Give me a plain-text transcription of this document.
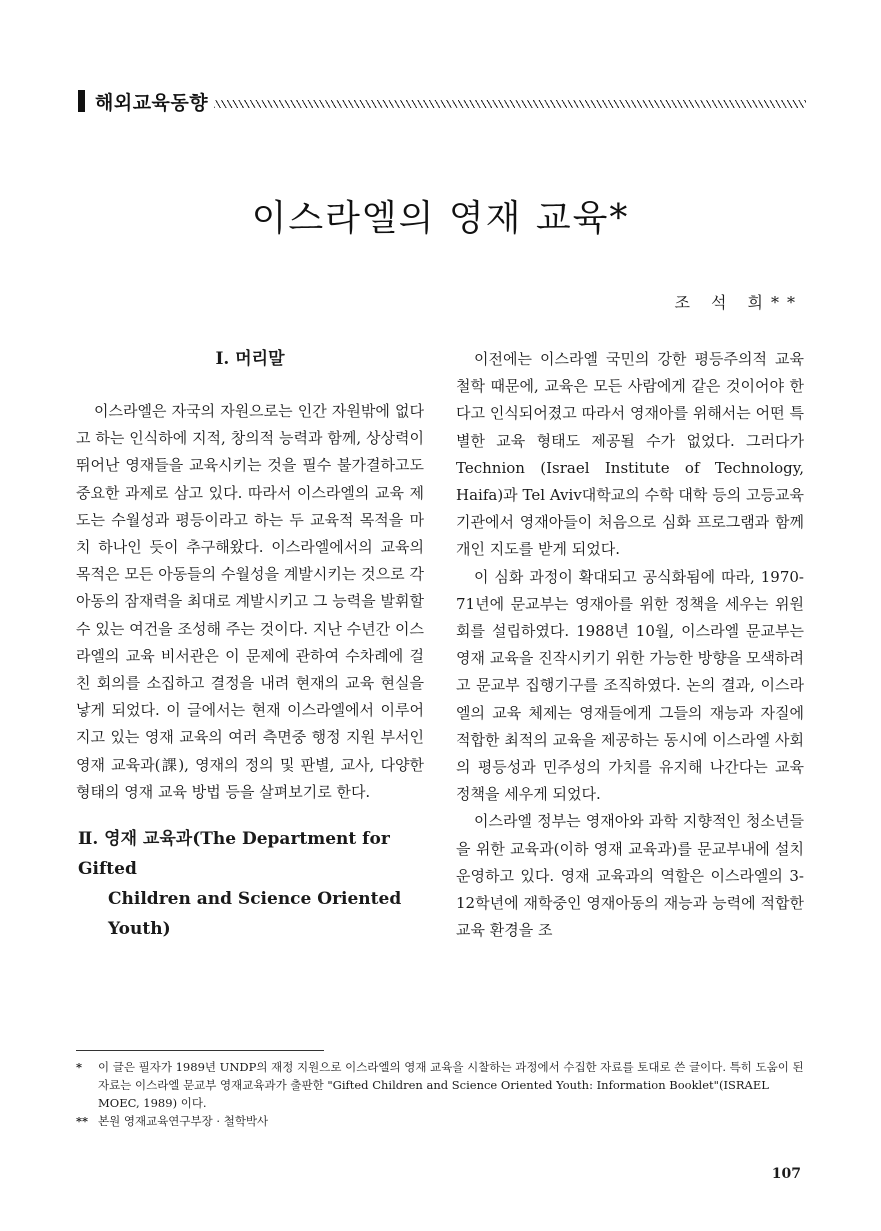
해외교육동향
이스라엘의 영재 교육*
조 석 희**
Ⅰ. 머리말

이스라엘은 자국의 자원으로는 인간 자원밖에 없다고 하는 인식하에 지적, 창의적 능력과 함께, 상상력이 뛰어난 영재들을 교육시키는 것을 필수 불가결하고도 중요한 과제로 삼고 있다. 따라서 이스라엘의 교육 제도는 수월성과 평등이라고 하는 두 교육적 목적을 마치 하나인 듯이 추구해왔다. 이스라엘에서의 교육의 목적은 모든 아동들의 수월성을 계발시키는 것으로 각 아동의 잠재력을 최대로 계발시키고 그 능력을 발휘할 수 있는 여건을 조성해 주는 것이다. 지난 수년간 이스라엘의 교육 비서관은 이 문제에 관하여 수차례에 걸친 회의를 소집하고 결정을 내려 현재의 교육 현실을 낳게 되었다. 이 글에서는 현재 이스라엘에서 이루어지고 있는 영재 교육의 여러 측면중 행정 지원 부서인 영재 교육과(課), 영재의 정의 및 판별, 교사, 다양한 형태의 영재 교육 방법 등을 살펴보기로 한다.

Ⅱ. 영재 교육과(The Department for Gifted
Children and Science Oriented Youth)

이전에는 이스라엘 국민의 강한 평등주의적 교육 철학 때문에, 교육은 모든 사람에게 같은 것이어야 한다고 인식되어졌고 따라서 영재아를 위해서는 어떤 특별한 교육 형태도 제공될 수가 없었다. 그러다가 Technion (Israel Institute of Technology, Haifa)과 Tel Aviv대학교의 수학 대학 등의 고등교육기관에서 영재아들이 처음으로 심화 프로그램과 함께 개인 지도를 받게 되었다.

이 심화 과정이 확대되고 공식화됨에 따라, 1970-71년에 문교부는 영재아를 위한 정책을 세우는 위원회를 설립하였다. 1988년 10월, 이스라엘 문교부는 영재 교육을 진작시키기 위한 가능한 방향을 모색하려고 문교부 집행기구를 조직하였다. 논의 결과, 이스라엘의 교육 체제는 영재들에게 그들의 재능과 자질에 적합한 최적의 교육을 제공하는 동시에 이스라엘 사회의 평등성과 민주성의 가치를 유지해 나간다는 교육 정책을 세우게 되었다.

이스라엘 정부는 영재아와 과학 지향적인 청소년들을 위한 교육과(이하 영재 교육과)를 문교부내에 설치 운영하고 있다. 영재 교육과의 역할은 이스라엘의 3-12학년에 재학중인 영재아동의 재능과 능력에 적합한 교육 환경을 조

* 이 글은 필자가 1989년 UNDP의 재정 지원으로 이스라엘의 영재 교육을 시찰하는 과정에서 수집한 자료를 토대로 쓴 글이다. 특히 도움이 된 자료는 이스라엘 문교부 영재교육과가 출판한 "Gifted Children and Science Oriented Youth: Information Booklet"(ISRAEL MOEC, 1989) 이다.

** 본원 영재교육연구부장 · 철학박사

107
